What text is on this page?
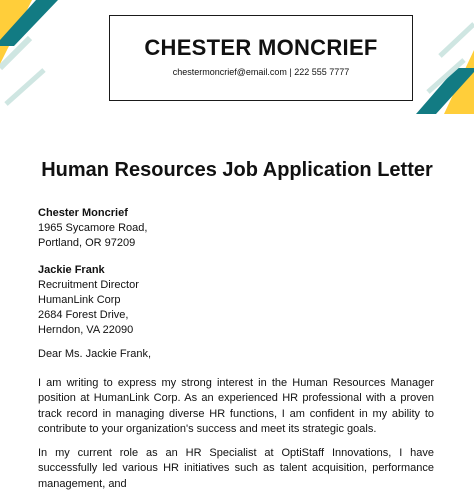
CHESTER MONCRIEF
chestermoncrief@email.com | 222 555 7777
Human Resources Job Application Letter
Chester Moncrief
1965 Sycamore Road,
Portland, OR 97209
Jackie Frank
Recruitment Director
HumanLink Corp
2684 Forest Drive,
Herndon, VA 22090
Dear Ms. Jackie Frank,
I am writing to express my strong interest in the Human Resources Manager position at HumanLink Corp. As an experienced HR professional with a proven track record in managing diverse HR functions, I am confident in my ability to contribute to your organization's success and meet its strategic goals.
In my current role as an HR Specialist at OptiStaff Innovations, I have successfully led various HR initiatives such as talent acquisition, performance management, and
